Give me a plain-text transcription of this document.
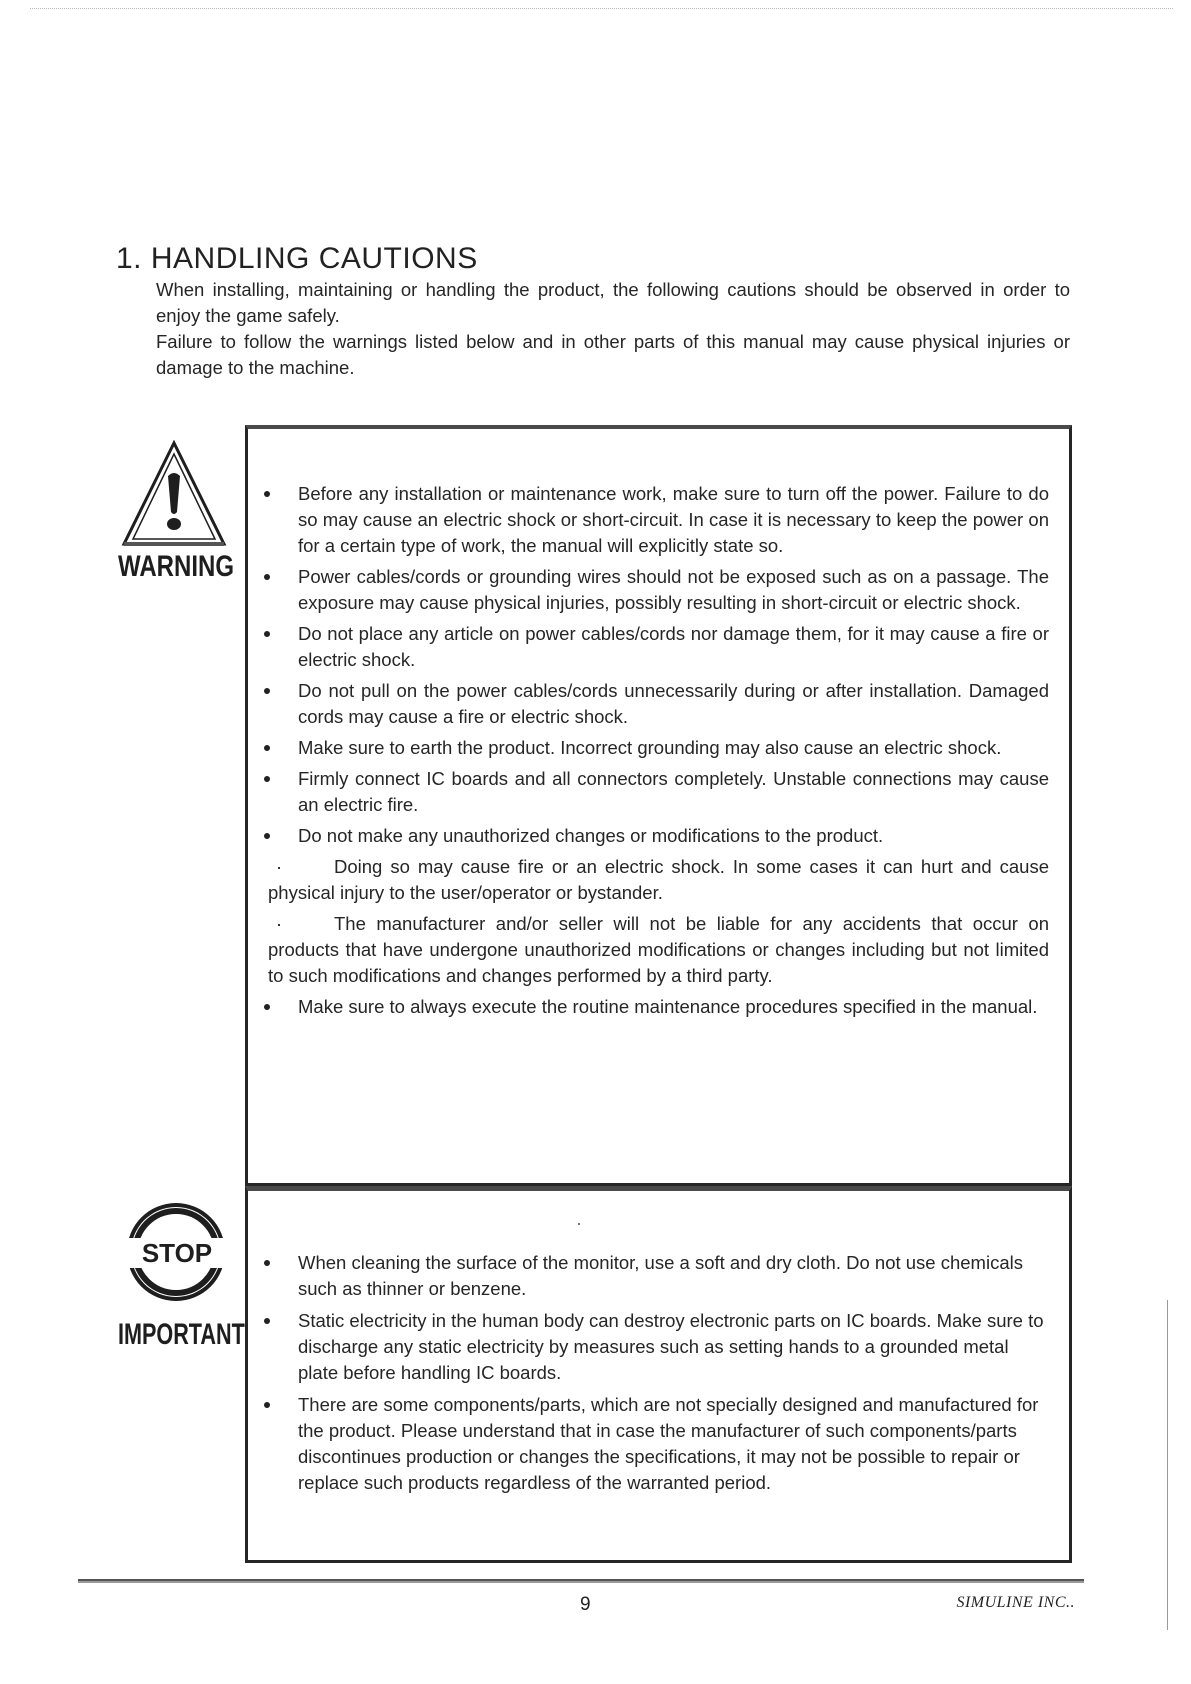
1. HANDLING CAUTIONS

When installing, maintaining or handling the product, the following cautions should be observed in order to enjoy the game safely.

Failure to follow the warnings listed below and in other parts of this manual may cause physical injuries or damage to the machine.

WARNING
Before any installation or maintenance work, make sure to turn off the power. Failure to do so may cause an electric shock or short-circuit. In case it is necessary to keep the power on for a certain type of work, the manual will explicitly state so.
Power cables/cords or grounding wires should not be exposed such as on a passage. The exposure may cause physical injuries, possibly resulting in short-circuit or electric shock.
Do not place any article on power cables/cords nor damage them, for it may cause a fire or electric shock.
Do not pull on the power cables/cords unnecessarily during or after installation. Damaged cords may cause a fire or electric shock.
Make sure to earth the product. Incorrect grounding may also cause an electric shock.
Firmly connect IC boards and all connectors completely. Unstable connections may cause an electric fire.
Do not make any unauthorized changes or modifications to the product.
Doing so may cause fire or an electric shock. In some cases it can hurt and cause physical injury to the user/operator or bystander.
The manufacturer and/or seller will not be liable for any accidents that occur on products that have undergone unauthorized modifications or changes including but not limited to such modifications and changes performed by a third party.
Make sure to always execute the routine maintenance procedures specified in the manual.
STOP
IMPORTANT
When cleaning the surface of the monitor, use a soft and dry cloth. Do not use chemicals such as thinner or benzene.
Static electricity in the human body can destroy electronic parts on IC boards. Make sure to discharge any static electricity by measures such as setting hands to a grounded metal plate before handling IC boards.
There are some components/parts, which are not specially designed and manufactured for the product. Please understand that in case the manufacturer of such components/parts discontinues production or changes the specifications, it may not be possible to repair or replace such products regardless of the warranted period.
9	SIMULINE INC..
